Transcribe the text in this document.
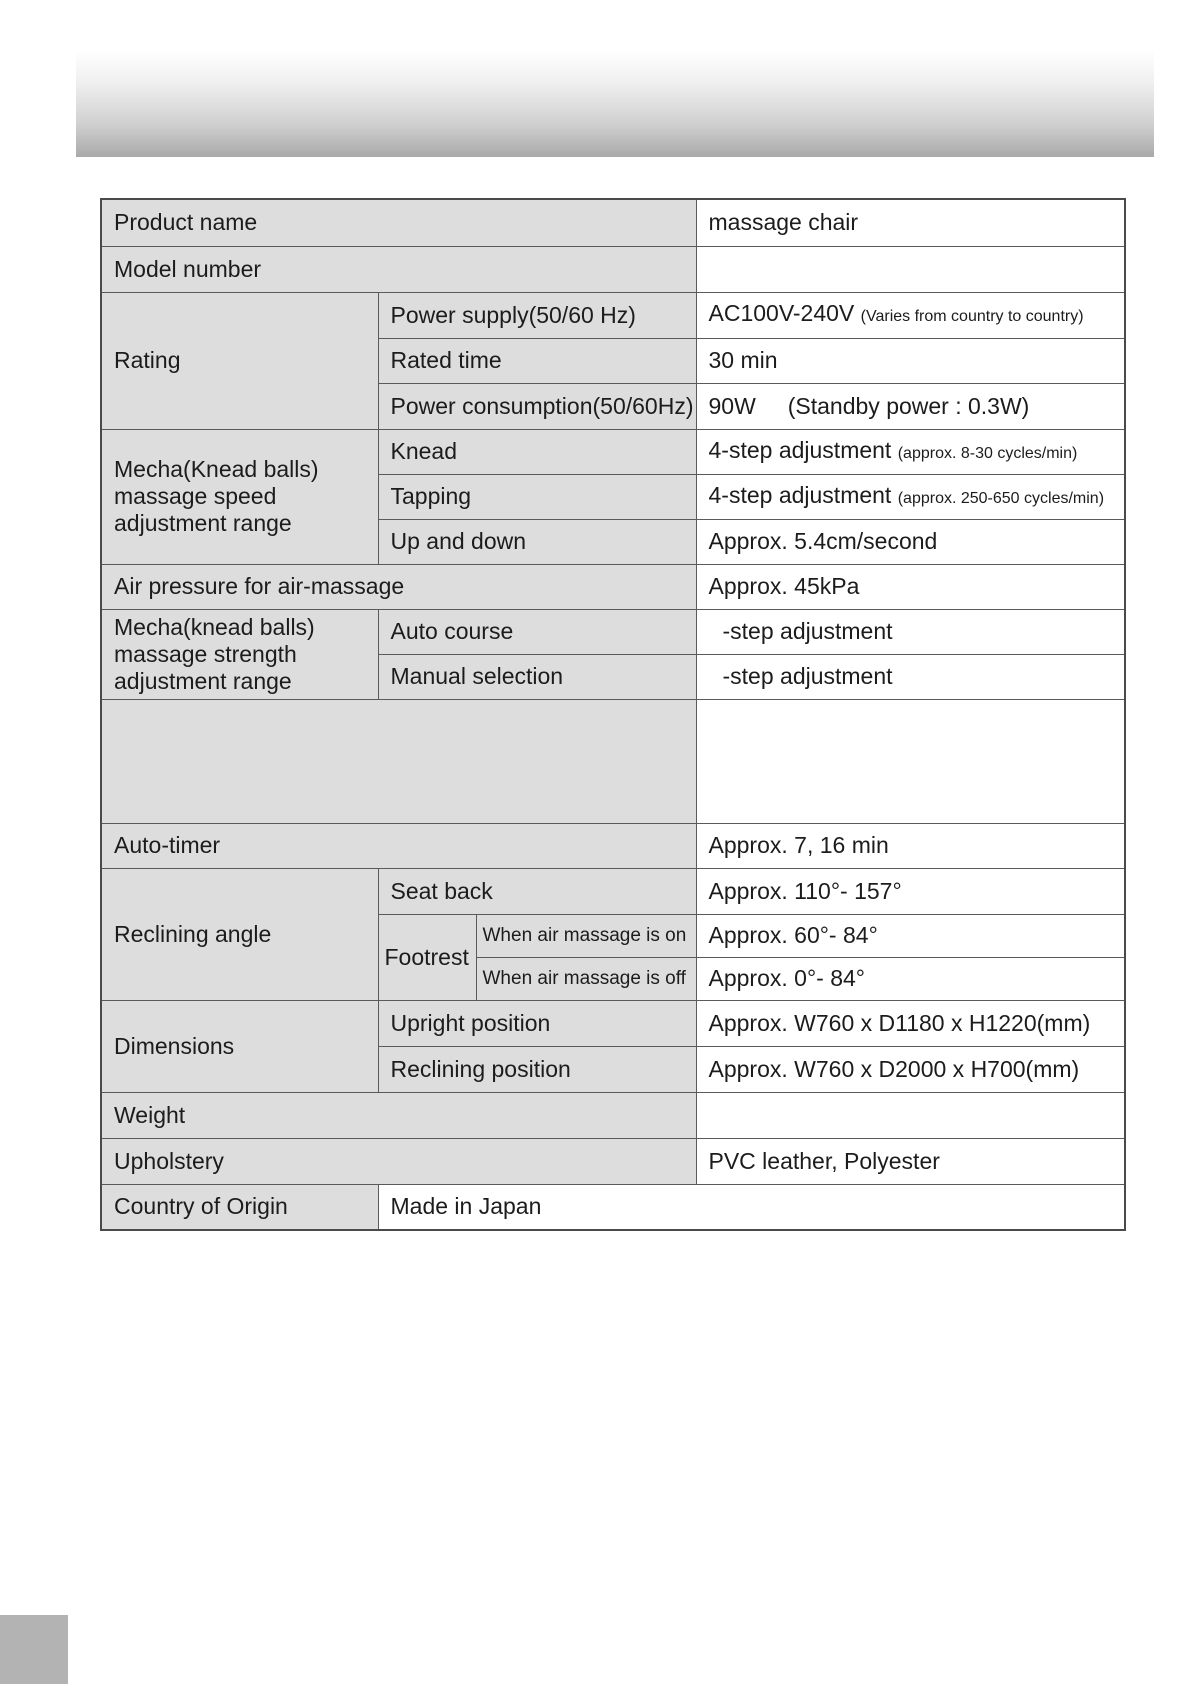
Product name			massage chair
Model number			
Rating	Power supply(50/60 Hz)		AC100V-240V (Varies from country to country)
	Rated time		30 min
	Power consumption(50/60Hz)		90W     (Standby power : 0.3W)

Mecha(Knead balls)
massage speed
adjustment range	Knead		4-step adjustment (approx. 8-30 cycles/min)
	Tapping		4-step adjustment (approx. 250-650 cycles/min)
	Up and down		Approx. 5.4cm/second
Air pressure for air-massage			Approx. 45kPa

Mecha(knead balls)
massage strength
adjustment range	Auto course		-step adjustment
	Manual selection		-step adjustment

Auto-timer			Approx. 7, 16 min
Reclining angle	Seat back		Approx. 110°- 157°
	Footrest	When air massage is on	Approx. 60°- 84°
		When air massage is off	Approx. 0°- 84°
Dimensions	Upright position		Approx. W760 x D1180 x H1220(mm)
	Reclining position		Approx. W760 x D2000 x H700(mm)
Weight			
Upholstery			PVC leather, Polyester
Country of Origin	Made in Japan		
